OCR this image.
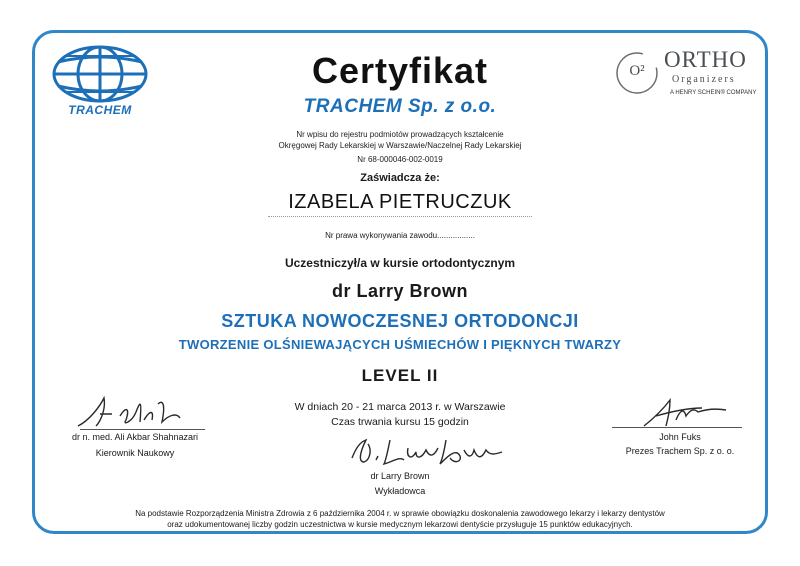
TRACHEM
O² ORTHO
Organizers
A HENRY SCHEIN® COMPANY
Certyfikat
TRACHEM Sp. z o.o.
Nr wpisu do rejestru podmiotów prowadzących kształcenie
Okręgowej Rady Lekarskiej w Warszawie/Naczelnej Rady Lekarskiej
Nr 68-000046-002-0019
Zaświadcza że:
IZABELA PIETRUCZUK
Nr prawa wykonywania zawodu.................
Uczestniczył/a w kursie ortodontycznym
dr Larry Brown
SZTUKA NOWOCZESNEJ ORTODONCJI
TWORZENIE OLŚNIEWAJĄCYCH UŚMIECHÓW I PIĘKNYCH TWARZY
LEVEL II
W dniach 20 - 21 marca 2013 r. w Warszawie
Czas trwania kursu 15 godzin
dr n. med. Ali Akbar Shahnazari
Kierownik Naukowy
dr Larry Brown
Wykładowca
John Fuks
Prezes Trachem Sp. z o. o.
Na podstawie Rozporządzenia Ministra Zdrowia z 6 października 2004 r. w sprawie obowiązku doskonalenia zawodowego lekarzy i lekarzy dentystów
oraz udokumentowanej liczby godzin uczestnictwa w kursie medycznym lekarzowi dentyście przysługuje 15 punktów edukacyjnych.
